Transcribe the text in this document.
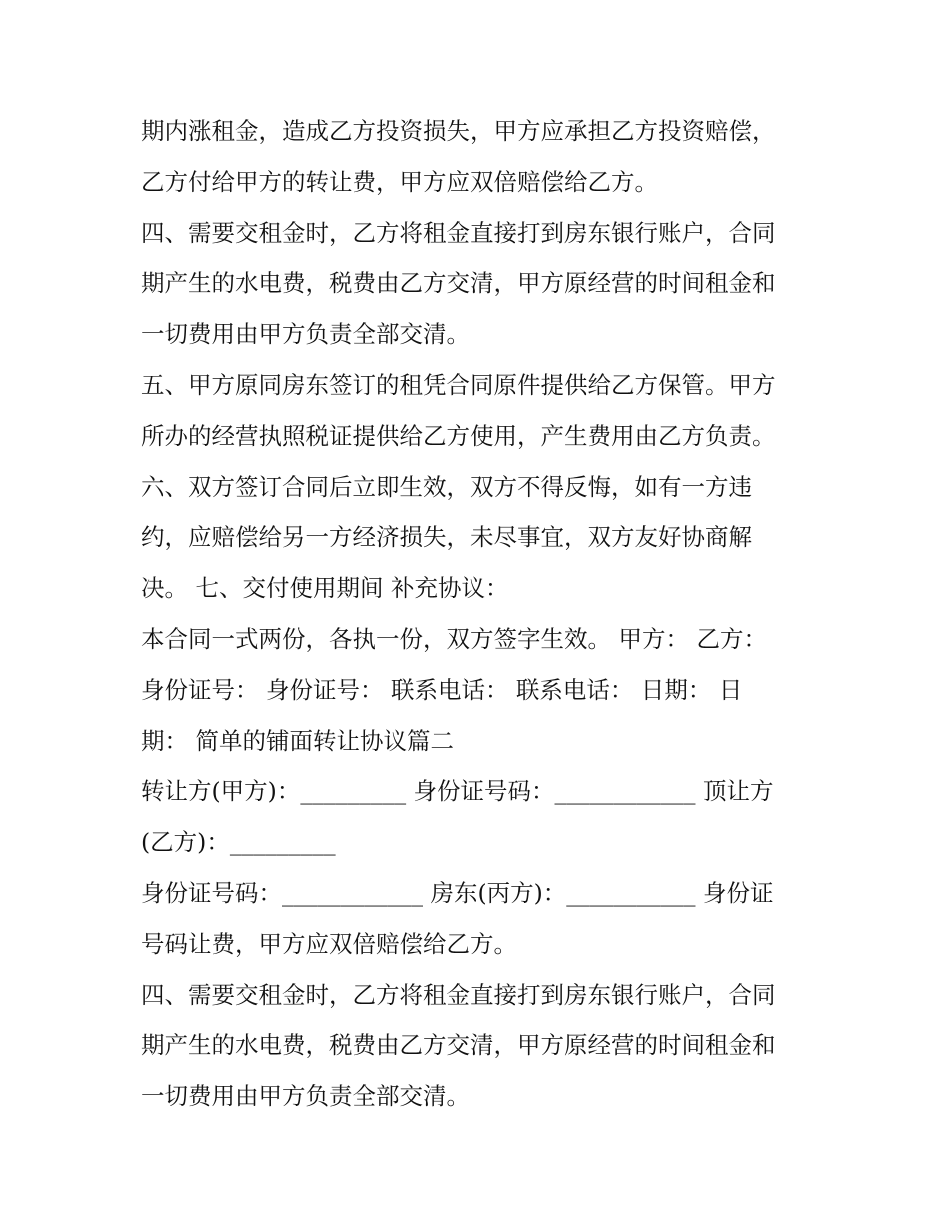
期内涨租金，造成乙方投资损失，甲方应承担乙方投资赔偿，
乙方付给甲方的转让费，甲方应双倍赔偿给乙方。
四、需要交租金时，乙方将租金直接打到房东银行账户，合同
期产生的水电费，税费由乙方交清，甲方原经营的时间租金和
一切费用由甲方负责全部交清。
五、甲方原同房东签订的租凭合同原件提供给乙方保管。甲方
所办的经营执照税证提供给乙方使用，产生费用由乙方负责。
六、双方签订合同后立即生效，双方不得反悔，如有一方违
约，应赔偿给另一方经济损失，未尽事宜，双方友好协商解
决。 七、交付使用期间 补充协议：
本合同一式两份，各执一份，双方签字生效。 甲方： 乙方：
身份证号： 身份证号： 联系电话： 联系电话： 日期： 日
期： 简单的铺面转让协议篇二
转让方(甲方)：_________ 身份证号码：____________ 顶让方
(乙方)：_________
身份证号码：____________ 房东(丙方)：___________ 身份证
号码让费，甲方应双倍赔偿给乙方。
四、需要交租金时，乙方将租金直接打到房东银行账户，合同
期产生的水电费，税费由乙方交清，甲方原经营的时间租金和
一切费用由甲方负责全部交清。
